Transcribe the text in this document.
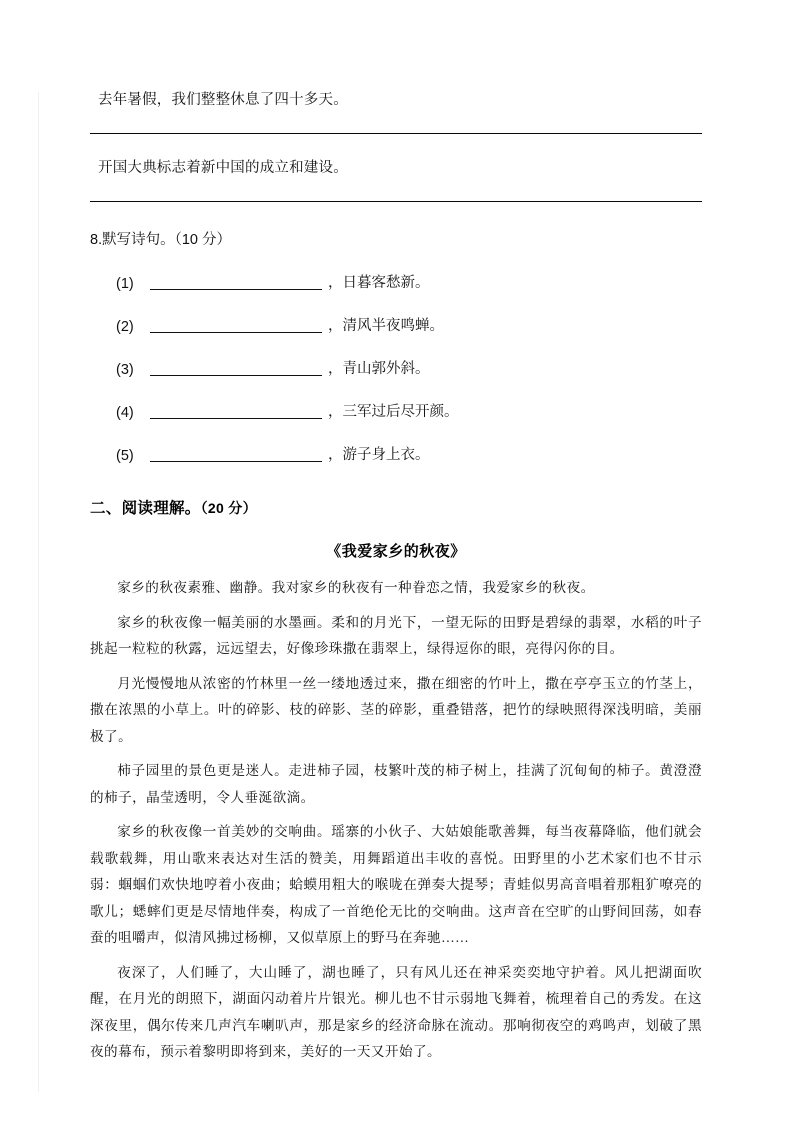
去年暑假，我们整整休息了四十多天。
开国大典标志着新中国的成立和建设。
8.默写诗句。（10 分）
(1)	，日暮客愁新。
(2)	，清风半夜鸣蝉。
(3)	，青山郭外斜。
(4)	，三军过后尽开颜。
(5)	，游子身上衣。
二、阅读理解。（20 分）
《我爱家乡的秋夜》

家乡的秋夜素雅、幽静。我对家乡的秋夜有一种眷恋之情，我爱家乡的秋夜。

家乡的秋夜像一幅美丽的水墨画。柔和的月光下，一望无际的田野是碧绿的翡翠，水稻的叶子挑起一粒粒的秋露，远远望去，好像珍珠撒在翡翠上，绿得逗你的眼，亮得闪你的目。

月光慢慢地从浓密的竹林里一丝一缕地透过来，撒在细密的竹叶上，撒在亭亭玉立的竹茎上，撒在浓黑的小草上。叶的碎影、枝的碎影、茎的碎影，重叠错落，把竹的绿映照得深浅明暗，美丽极了。

柿子园里的景色更是迷人。走进柿子园，枝繁叶茂的柿子树上，挂满了沉甸甸的柿子。黄澄澄的柿子，晶莹透明，令人垂涎欲滴。

家乡的秋夜像一首美妙的交响曲。瑶寨的小伙子、大姑娘能歌善舞，每当夜幕降临，他们就会载歌载舞，用山歌来表达对生活的赞美，用舞蹈道出丰收的喜悦。田野里的小艺术家们也不甘示弱：蝈蝈们欢快地哼着小夜曲；蛤蟆用粗大的喉咙在弹奏大提琴；青蛙似男高音唱着那粗犷嘹亮的歌儿；蟋蟀们更是尽情地伴奏，构成了一首绝伦无比的交响曲。这声音在空旷的山野间回荡，如春蚕的咀嚼声，似清风拂过杨柳，又似草原上的野马在奔驰……

夜深了，人们睡了，大山睡了，湖也睡了，只有风儿还在神采奕奕地守护着。风儿把湖面吹醒，在月光的朗照下，湖面闪动着片片银光。柳儿也不甘示弱地飞舞着，梳理着自己的秀发。在这深夜里，偶尔传来几声汽车喇叭声，那是家乡的经济命脉在流动。那响彻夜空的鸡鸣声，划破了黑夜的幕布，预示着黎明即将到来，美好的一天又开始了。
